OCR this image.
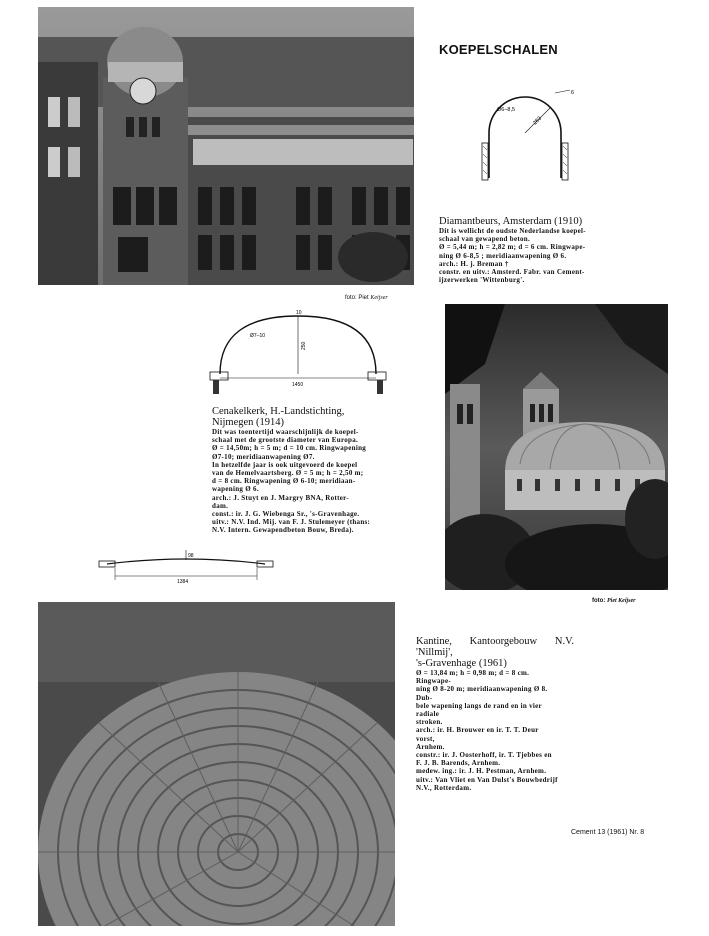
KOEPELSCHALEN
foto: Piet Keijser
Ø6–8,5
283
6
Diamantbeurs, Amsterdam (1910)
Dit is wellicht de oudste Nederlandse koepel-
schaal van gewapend beton.
Ø = 5,44 m; h = 2,82 m; d = 6 cm. Ringwape-
ning Ø 6-8,5 ; meridiaanwapening Ø 6.
arch.: H. j. Breman †
constr. en uitv.: Amsterd. Fabr. van Cement-
ijzerwerken 'Wittenburg'.
Ø7–10
250
1450
10
Cenakelkerk, H.-Landstichting,
Nijmegen (1914)
Dit was toentertijd waarschijnlijk de koepel-
schaal met de grootste diameter van Europa.
Ø = 14,50m; h = 5 m; d = 10 cm. Ringwapening
Ø7-10; meridiaanwapening Ø7.
In hetzelfde jaar is ook uitgevoerd de koepel
van de Hemelvaartsberg. Ø = 5 m; h = 2,50 m;
d = 8 cm. Ringwapening Ø 6-10; meridiaan-
wapening Ø 6.
arch.: J. Stuyt en J. Margry BNA, Rotter-
dam.
const.: ir. J. G. Wiebenga Sr., 's-Gravenhage.
uitv.: N.V. Ind. Mij. van F. J. Stulemeyer (thans:
N.V. Intern. Gewapendbeton Bouw, Breda).
foto: Piet Keijser
98
1384
Kantine, Kantoorgebouw N.V.
'Nillmij',
's-Gravenhage (1961)
Ø = 13,84 m; h = 0,98 m; d = 8 cm.
Ringwape-
ning Ø 8-20 m; meridiaanwapening Ø 8.
Dub-
bele wapening langs de rand en in vier
radiale
stroken.
arch.: ir. H. Brouwer en ir. T. T. Deur
vorst,
Arnhem.
constr.: ir. J. Oosterhoff, ir. T. Tjebbes en
F. J. B. Barends, Arnhem.
medew. ing.: ir. J. H. Pestman, Arnhem.
uitv.: Van Vliet en Van Dulst's Bouwbedrijf
N.V., Rotterdam.
Cement 13 (1961) Nr. 8
